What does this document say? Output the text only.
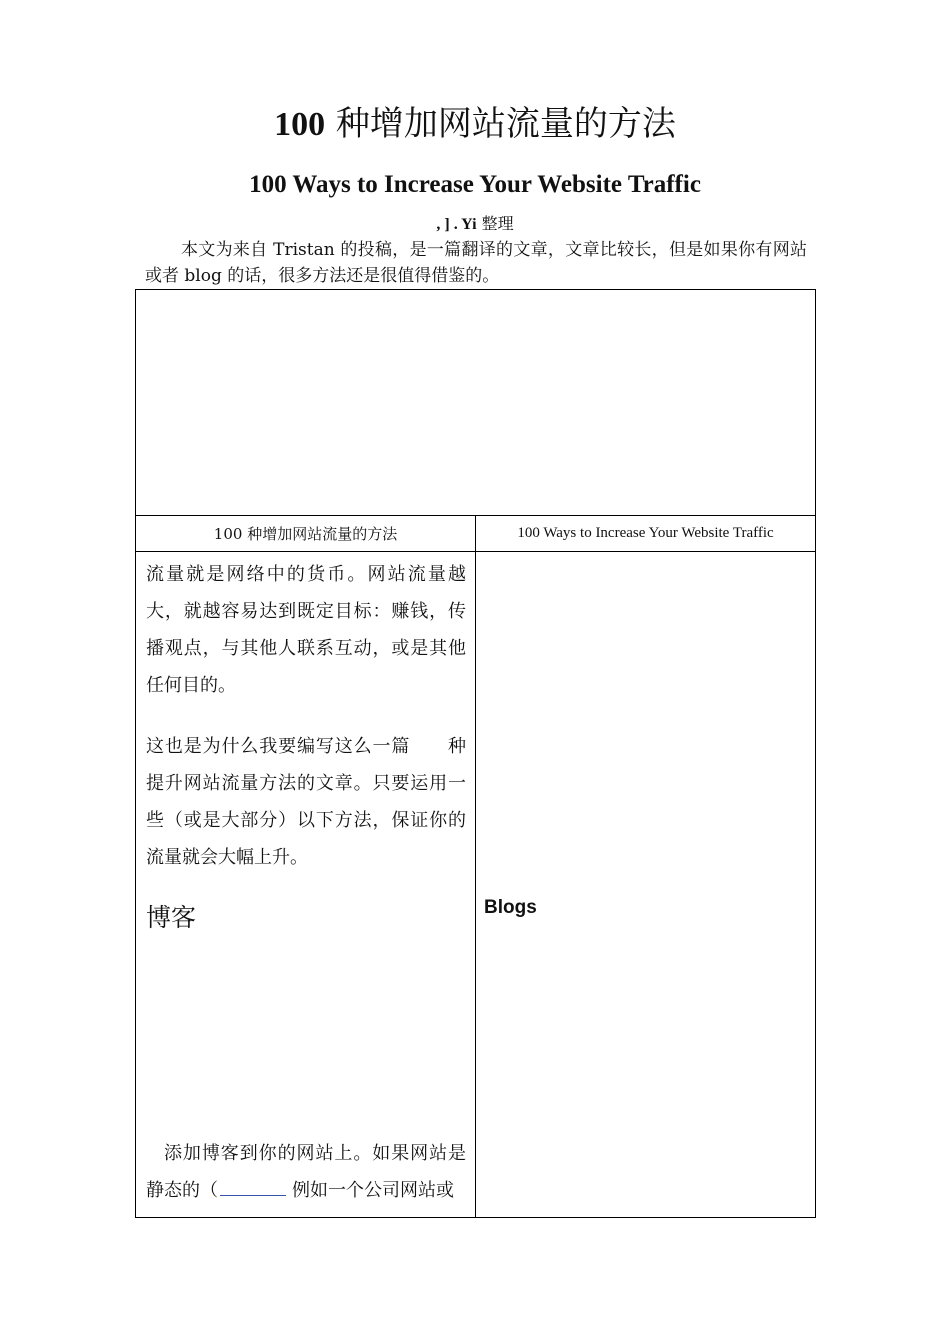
100 种增加网站流量的方法
100 Ways to Increase Your Website Traffic
, ] . Yi 整理
本文为来自 Tristan 的投稿，是一篇翻译的文章，文章比较长，但是如果你有网站或者 blog 的话，很多方法还是很值得借鉴的。
100 种增加网站流量的方法	100 Ways to Increase Your Website Traffic
流量就是网络中的货币。网站流量越大，就越容易达到既定目标：赚钱，传播观点，与其他人联系互动，或是其他任何目的。
这也是为什么我要编写这么一篇　　种提升网站流量方法的文章。只要运用一些（或是大部分）以下方法，保证你的流量就会大幅上升。
博客
添加博客到你的网站上。如果网站是静态的（	例如一个公司网站或
Blogs
